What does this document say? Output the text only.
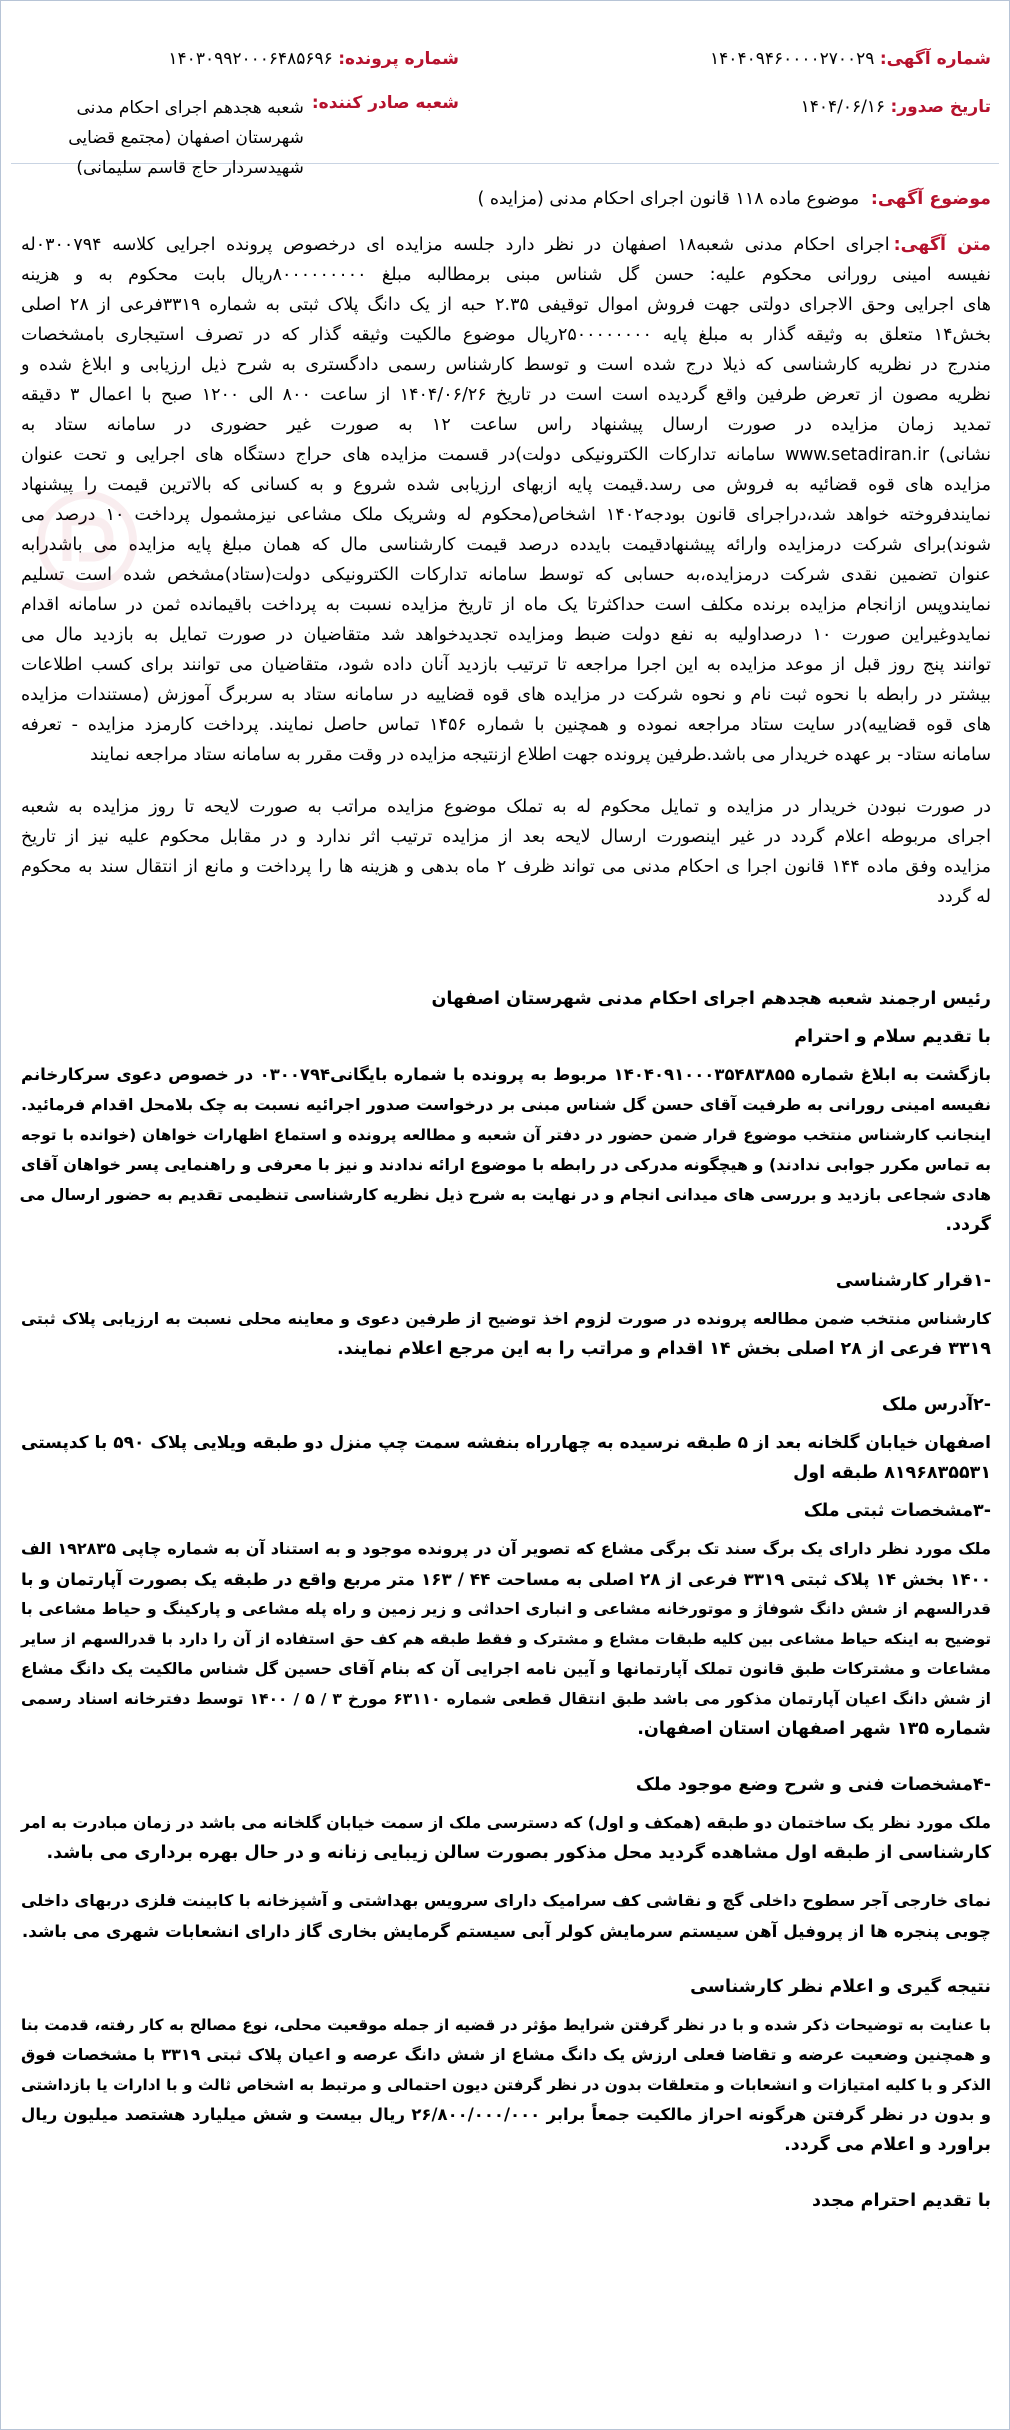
شماره آگهی: ۱۴۰۴۰۹۴۶۰۰۰۰۲۷۰۰۲۹
تاریخ صدور: ۱۴۰۴/۰۶/۱۶
شماره پرونده: ۱۴۰۳۰۹۹۲۰۰۰۶۴۸۵۶۹۶
شعبه صادر کننده:
شعبه هجدهم اجرای احکام مدنی شهرستان اصفهان (مجتمع قضایی شهیدسردار حاج قاسم سلیمانی)
موضوع آگهی: موضوع ماده ۱۱۸ قانون اجرای احکام مدنی (مزایده )
متن آگهی:اجرای احکام مدنی شعبه۱۸ اصفهان در نظر دارد جلسه مزایده ای درخصوص پرونده اجرایی کلاسه ۰۳۰۰۷۹۴له
نفیسه امینی رورانی محکوم علیه: حسن گل شناس مبنی برمطالبه مبلغ ۸۰۰۰۰۰۰۰۰۰ریال بابت محکوم به و هزینه
های اجرایی وحق الاجرای دولتی جهت فروش اموال توقیفی ۲.۳۵ حبه از یک دانگ پلاک ثبتی به شماره ۳۳۱۹فرعی از ۲۸ اصلی
بخش۱۴ متعلق به وثیقه گذار به مبلغ پایه ۲۵۰۰۰۰۰۰۰۰ریال موضوع مالکیت وثیقه گذار که در تصرف استیجاری بامشخصات
مندرج در نظریه کارشناسی که ذیلا درج شده است و توسط کارشناس رسمی دادگستری به شرح ذیل ارزیابی و ابلاغ شده و
نظریه مصون از تعرض طرفین واقع گردیده است است در تاریخ ۱۴۰۴/۰۶/۲۶ از ساعت ۸۰۰ الی ۱۲۰۰ صبح با اعمال ۳ دقیقه
تمدید زمان مزایده در صورت ارسال پیشنهاد راس ساعت ۱۲ به صورت غیر حضوری در سامانه ستاد به
نشانی) www.setadiran.ir سامانه تدارکات الکترونیکی دولت)در قسمت مزایده های حراج دستگاه های اجرایی و تحت عنوان
مزایده های قوه قضائیه به فروش می رسد.قیمت پایه ازبهای ارزیابی شده شروع و به کسانی که بالاترین قیمت را پیشنهاد
نمایندفروخته خواهد شد،دراجرای قانون بودجه۱۴۰۲ اشخاص(محکوم له وشریک ملک مشاعی نیزمشمول پرداخت ۱۰ درصد می
شوند)برای شرکت درمزایده وارائه پیشنهادقیمت بایدده درصد قیمت کارشناسی مال که همان مبلغ پایه مزایده می باشدرابه
عنوان تضمین نقدی شرکت درمزایده،به حسابی که توسط سامانه تدارکات الکترونیکی دولت(ستاد)مشخص شده است تسلیم
نمایندوپس ازانجام مزایده برنده مکلف است حداکثرتا یک ماه از تاریخ مزایده نسبت به پرداخت باقیمانده ثمن در سامانه اقدام
نمایدوغیراین صورت ۱۰ درصداولیه به نفع دولت ضبط ومزایده تجدیدخواهد شد متقاضیان در صورت تمایل به بازدید مال می
توانند پنج روز قبل از موعد مزایده به این اجرا مراجعه تا ترتیب بازدید آنان داده شود، متقاضیان می توانند برای کسب اطلاعات
بیشتر در رابطه با نحوه ثبت نام و نحوه شرکت در مزایده های قوه قضاییه در سامانه ستاد به سربرگ آموزش (مستندات مزایده
های قوه قضاییه)در سایت ستاد مراجعه نموده و همچنین با شماره ۱۴۵۶ تماس حاصل نمایند. پرداخت کارمزد مزایده - تعرفه
سامانه ستاد- بر عهده خریدار می باشد.طرفین پرونده جهت اطلاع ازنتیجه مزایده در وقت مقرر به سامانه ستاد مراجعه نمایند
در صورت نبودن خریدار در مزایده و تمایل محکوم له به تملک موضوع مزایده مراتب به صورت لایحه تا روز مزایده به شعبه
اجرای مربوطه اعلام گردد در غیر اینصورت ارسال لایحه بعد از مزایده ترتیب اثر ندارد و در مقابل محکوم علیه نیز از تاریخ
مزایده وفق ماده ۱۴۴ قانون اجرا ی احکام مدنی می تواند ظرف ۲ ماه بدهی و هزینه ها را پرداخت و مانع از انتقال سند به محکوم
له گردد
رئیس ارجمند شعبه هجدهم اجرای احکام مدنی شهرستان اصفهان
با تقدیم سلام و احترام
بازگشت به ابلاغ شماره ۱۴۰۴۰۹۱۰۰۰۳۵۴۸۳۸۵۵ مربوط به پرونده با شماره بایگانی۰۳۰۰۷۹۴ در خصوص دعوی سرکارخانم
نفیسه امینی رورانی به طرفیت آقای حسن گل شناس مبنی بر درخواست صدور اجرائیه نسبت به چک بلامحل اقدام فرمائید.
اینجانب کارشناس منتخب موضوع قرار ضمن حضور در دفتر آن شعبه و مطالعه پرونده و استماع اظهارات خواهان (خوانده با توجه
به تماس مکرر جوابی ندادند) و هیچگونه مدرکی در رابطه با موضوع ارائه ندادند و نیز با معرفی و راهنمایی پسر خواهان آقای
هادی شجاعی بازدید و بررسی های میدانی انجام و در نهایت به شرح ذیل نظریه کارشناسی تنظیمی تقدیم به حضور ارسال می
گردد.
-۱قرار کارشناسی
کارشناس منتخب ضمن مطالعه پرونده در صورت لزوم اخذ توضیح از طرفین دعوی و معاینه محلی نسبت به ارزیابی پلاک ثبتی
۳۳۱۹ فرعی از ۲۸ اصلی بخش ۱۴ اقدام و مراتب را به این مرجع اعلام نمایند.
-۲آدرس ملک
اصفهان خیابان گلخانه بعد از ۵ طبقه نرسیده به چهارراه بنفشه سمت چپ منزل دو طبقه ویلایی پلاک ۵۹۰ با کدپستی
۸۱۹۶۸۳۵۵۳۱ طبقه اول
-۳مشخصات ثبتی ملک
ملک مورد نظر دارای یک برگ سند تک برگی مشاع که تصویر آن در پرونده موجود و به استناد آن به شماره چاپی ۱۹۲۸۳۵ الف
۱۴۰۰ بخش ۱۴ پلاک ثبتی ۳۳۱۹ فرعی از ۲۸ اصلی به مساحت ۴۴ / ۱۶۳ متر مربع واقع در طبقه یک بصورت آپارتمان و با
قدرالسهم از شش دانگ شوفاژ و موتورخانه مشاعی و انباری احداثی و زیر زمین و راه پله مشاعی و پارکینگ و حیاط مشاعی با
توضیح به اینکه حیاط مشاعی بین کلیه طبقات مشاع و مشترک و فقط طبقه هم کف حق استفاده از آن را دارد با قدرالسهم از سایر
مشاعات و مشترکات طبق قانون تملک آپارتمانها و آیین نامه اجرایی آن که بنام آقای حسین گل شناس مالکیت یک دانگ مشاع
از شش دانگ اعیان آپارتمان مذکور می باشد طبق انتقال قطعی شماره ۶۳۱۱۰ مورخ ۳ / ۵ / ۱۴۰۰ توسط دفترخانه اسناد رسمی
شماره ۱۳۵ شهر اصفهان استان اصفهان.
-۴مشخصات فنی و شرح وضع موجود ملک
ملک مورد نظر یک ساختمان دو طبقه (همکف و اول) که دسترسی ملک از سمت خیابان گلخانه می باشد در زمان مبادرت به امر
کارشناسی از طبقه اول مشاهده گردید محل مذکور بصورت سالن زیبایی زنانه و در حال بهره برداری می باشد.
نمای خارجی آجر سطوح داخلی گچ و نقاشی کف سرامیک دارای سرویس بهداشتی و آشپزخانه با کابینت فلزی دربهای داخلی
چوبی پنجره ها از پروفیل آهن سیستم سرمایش کولر آبی سیستم گرمایش بخاری گاز دارای انشعابات شهری می باشد.
نتیجه گیری و اعلام نظر کارشناسی
با عنایت به توضیحات ذکر شده و با در نظر گرفتن شرایط مؤثر در قضیه از جمله موقعیت محلی، نوع مصالح به کار رفته، قدمت بنا
و همچنین وضعیت عرضه و تقاضا فعلی ارزش یک دانگ مشاع از شش دانگ عرصه و اعیان پلاک ثبتی ۳۳۱۹ با مشخصات فوق
الذکر و با کلیه امتیازات و انشعابات و متعلقات بدون در نظر گرفتن دیون احتمالی و مرتبط به اشخاص ثالث و با ادارات یا بازداشتی
و بدون در نظر گرفتن هرگونه احراز مالکیت جمعاً برابر ۲۶/۸۰۰/۰۰۰/۰۰۰ ریال بیست و شش میلیارد هشتصد میلیون ریال
براورد و اعلام می گردد.
با تقدیم احترام مجدد
